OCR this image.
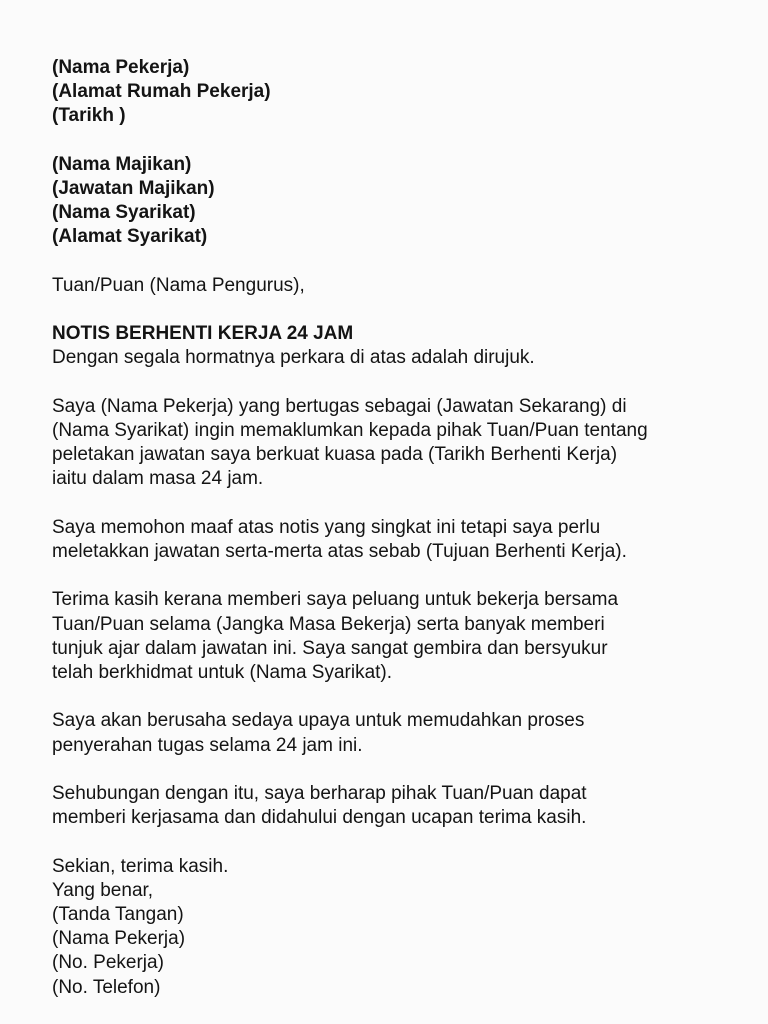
(Nama Pekerja)
(Alamat Rumah Pekerja)
(Tarikh )
(Nama Majikan)
(Jawatan Majikan)
(Nama Syarikat)
(Alamat Syarikat)
Tuan/Puan (Nama Pengurus),
NOTIS BERHENTI KERJA 24 JAM
Dengan segala hormatnya perkara di atas adalah dirujuk.
Saya (Nama Pekerja) yang bertugas sebagai (Jawatan Sekarang) di
(Nama Syarikat) ingin memaklumkan kepada pihak Tuan/Puan tentang
peletakan jawatan saya berkuat kuasa pada (Tarikh Berhenti Kerja)
iaitu dalam masa 24 jam.
Saya memohon maaf atas notis yang singkat ini tetapi saya perlu
meletakkan jawatan serta-merta atas sebab (Tujuan Berhenti Kerja).
Terima kasih kerana memberi saya peluang untuk bekerja bersama
Tuan/Puan selama (Jangka Masa Bekerja) serta banyak memberi
tunjuk ajar dalam jawatan ini. Saya sangat gembira dan bersyukur
telah berkhidmat untuk (Nama Syarikat).
Saya akan berusaha sedaya upaya untuk memudahkan proses
penyerahan tugas selama 24 jam ini.
Sehubungan dengan itu, saya berharap pihak Tuan/Puan dapat
memberi kerjasama dan didahului dengan ucapan terima kasih.
Sekian, terima kasih.
Yang benar,
(Tanda Tangan)
(Nama Pekerja)
(No. Pekerja)
(No. Telefon)
